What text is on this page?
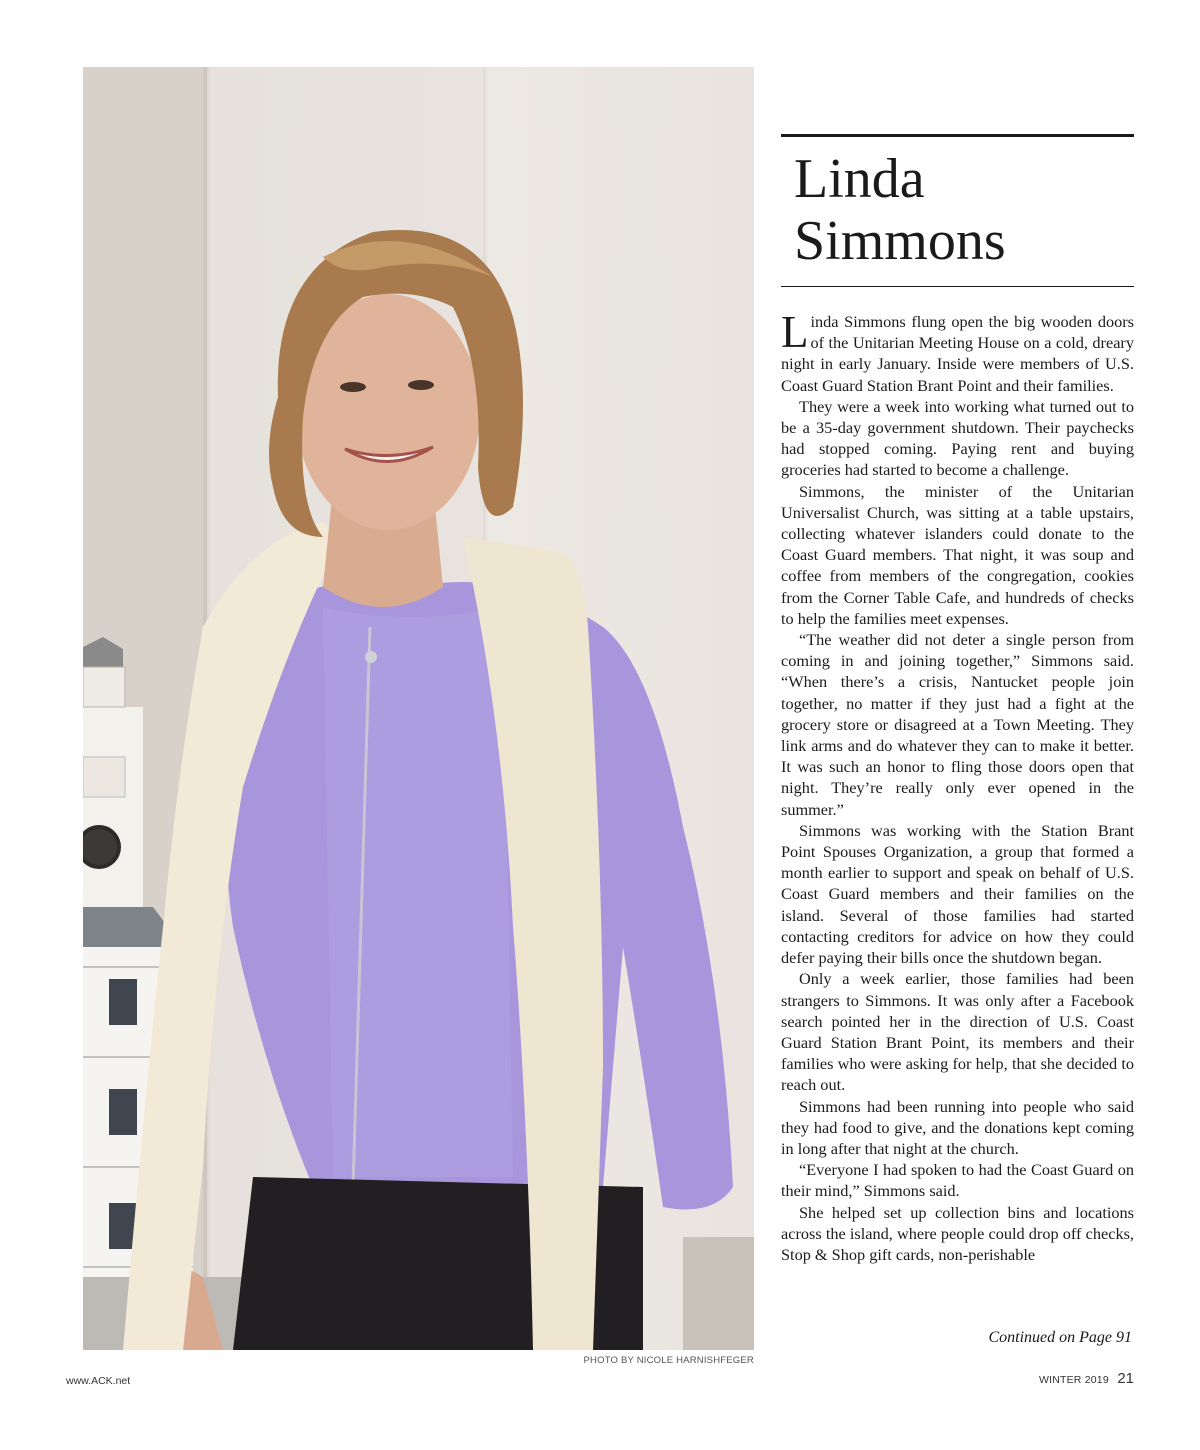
PHOTO BY NICOLE HARNISHFEGER
Linda
Simmons

Linda Simmons flung open the big wooden doors of the Unitarian Meeting House on a cold, dreary night in early January. Inside were members of U.S. Coast Guard Station Brant Point and their families.

They were a week into working what turned out to be a 35-day government shutdown. Their paychecks had stopped coming. Paying rent and buying groceries had started to become a challenge.

Simmons, the minister of the Unitarian Universalist Church, was sitting at a table upstairs, collecting whatever islanders could donate to the Coast Guard members. That night, it was soup and coffee from members of the congregation, cookies from the Corner Table Cafe, and hundreds of checks to help the families meet expenses.

“The weather did not deter a single person from coming in and joining together,” Simmons said. “When there’s a crisis, Nantucket people join together, no matter if they just had a fight at the grocery store or disagreed at a Town Meeting. They link arms and do whatever they can to make it better. It was such an honor to fling those doors open that night. They’re really only ever opened in the summer.”

Simmons was working with the Station Brant Point Spouses Organization, a group that formed a month earlier to support and speak on behalf of U.S. Coast Guard members and their families on the island. Several of those families had started contacting creditors for advice on how they could defer paying their bills once the shutdown began.

Only a week earlier, those families had been strangers to Simmons. It was only after a Facebook search pointed her in the direction of U.S. Coast Guard Station Brant Point, its members and their families who were asking for help, that she decided to reach out.

Simmons had been running into people who said they had food to give, and the donations kept coming in long after that night at the church.

“Everyone I had spoken to had the Coast Guard on their mind,” Simmons said.

She helped set up collection bins and locations across the island, where people could drop off checks, Stop & Shop gift cards, non-perishable

Continued on Page 91
www.ACK.net	WINTER 2019 21
